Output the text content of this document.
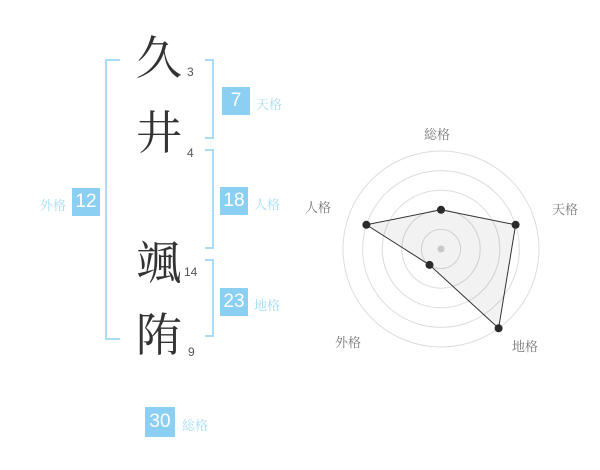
久
井
颯
陏
3
4
14
9
7	天格
18 人格
23 地格
12
外格
30 総格
総格
天格
地格
外格
人格
